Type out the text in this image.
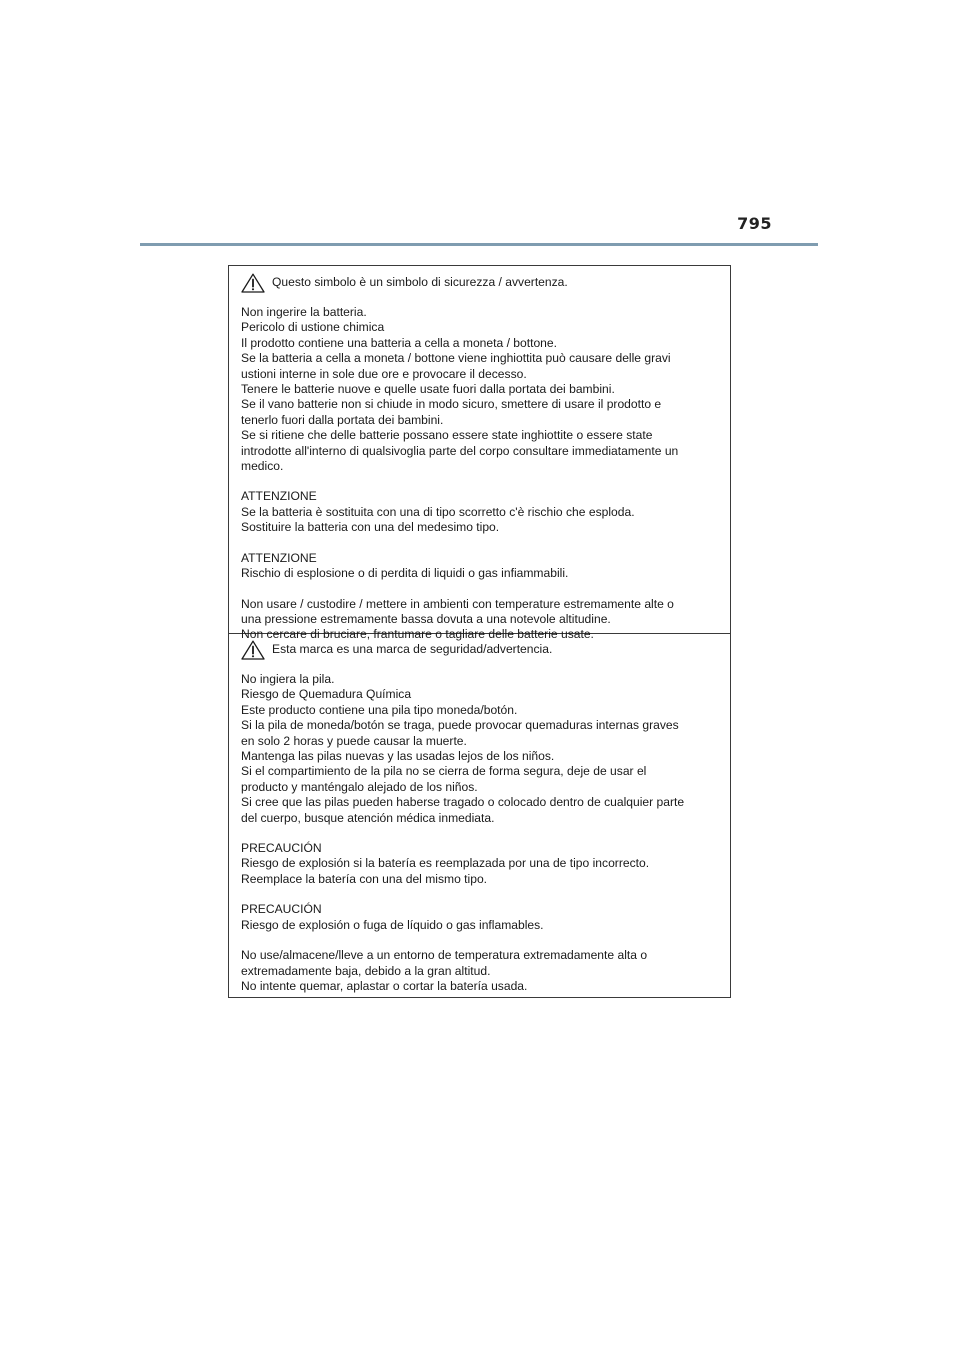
795
Questo simbolo è un simbolo di sicurezza / avvertenza.

Non ingerire la batteria.
Pericolo di ustione chimica
Il prodotto contiene una batteria a cella a moneta / bottone.
Se la batteria a cella a moneta / bottone viene inghiottita può causare delle gravi
ustioni interne in sole due ore e provocare il decesso.
Tenere le batterie nuove e quelle usate fuori dalla portata dei bambini.
Se il vano batterie non si chiude in modo sicuro, smettere di usare il prodotto e
tenerlo fuori dalla portata dei bambini.
Se si ritiene che delle batterie possano essere state inghiottite o essere state
introdotte all'interno di qualsivoglia parte del corpo consultare immediatamente un
medico.

ATTENZIONE
Se la batteria è sostituita con una di tipo scorretto c'è rischio che esploda.
Sostituire la batteria con una del medesimo tipo.

ATTENZIONE
Rischio di esplosione o di perdita di liquidi o gas infiammabili.

Non usare / custodire / mettere in ambienti con temperature estremamente alte o
una pressione estremamente bassa dovuta a una notevole altitudine.
Non cercare di bruciare, frantumare o tagliare delle batterie usate.

Esta marca es una marca de seguridad/advertencia.

No ingiera la pila.
Riesgo de Quemadura Química
Este producto contiene una pila tipo moneda/botón.
Si la pila de moneda/botón se traga, puede provocar quemaduras internas graves
en solo 2 horas y puede causar la muerte.
Mantenga las pilas nuevas y las usadas lejos de los niños.
Si el compartimiento de la pila no se cierra de forma segura, deje de usar el
producto y manténgalo alejado de los niños.
Si cree que las pilas pueden haberse tragado o colocado dentro de cualquier parte
del cuerpo, busque atención médica inmediata.

PRECAUCIÓN
Riesgo de explosión si la batería es reemplazada por una de tipo incorrecto.
Reemplace la batería con una del mismo tipo.

PRECAUCIÓN
Riesgo de explosión o fuga de líquido o gas inflamables.

No use/almacene/lleve a un entorno de temperatura extremadamente alta o
extremadamente baja, debido a la gran altitud.
No intente quemar, aplastar o cortar la batería usada.
